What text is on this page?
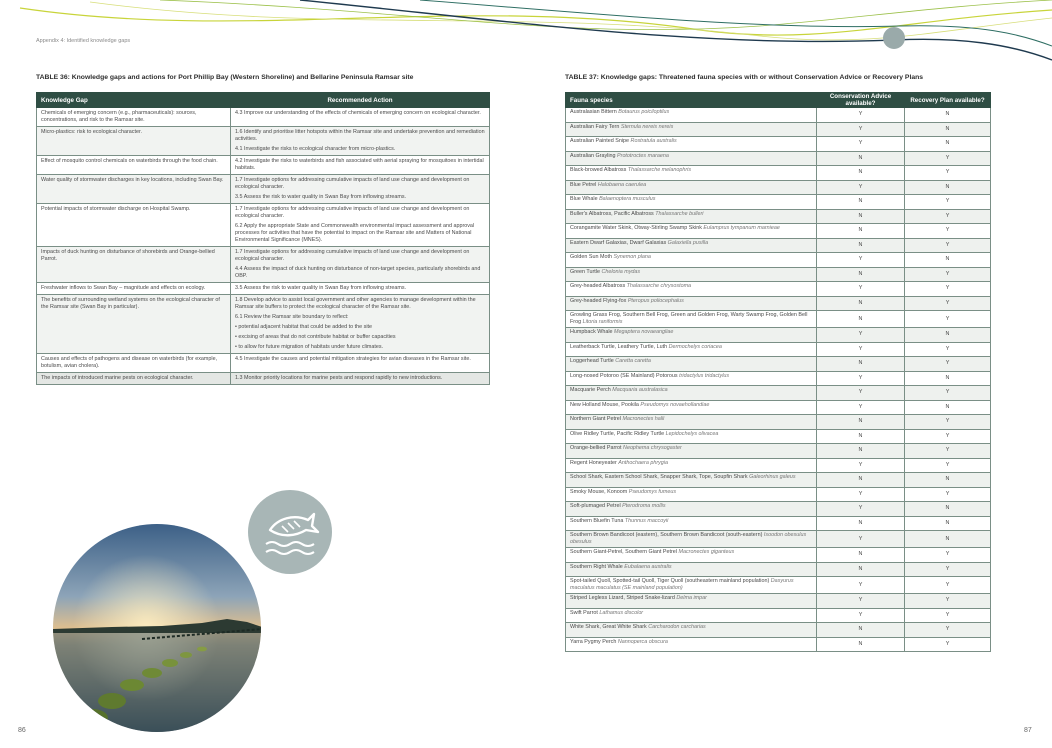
Appendix 4: Identified knowledge gaps
TABLE 36: Knowledge gaps and actions for Port Phillip Bay (Western Shoreline) and Bellarine Peninsula Ramsar site
Knowledge Gap	Recommended Action
Chemicals of emerging concern (e.g., pharmaceuticals): sources, concentrations, and risk to the Ramsar site.	4.3 Improve our understanding of the effects of chemicals of emerging concern on ecological character.

Micro-plastics: risk to ecological character.	1.6 Identify and prioritise litter hotspots within the Ramsar site and undertake prevention and remediation activities.

4.1 Investigate the risks to ecological character from micro-plastics.

Effect of mosquito control chemicals on waterbirds through the food chain.	4.2 Investigate the risks to waterbirds and fish associated with aerial spraying for mosquitoes in intertidal habitats.

Water quality of stormwater discharges in key locations, including Swan Bay.	1.7 Investigate options for addressing cumulative impacts of land use change and development on ecological character.

3.5 Assess the risk to water quality in Swan Bay from inflowing streams.

Potential impacts of stormwater discharge on Hospital Swamp.	1.7 Investigate options for addressing cumulative impacts of land use change and development on ecological character.

6.2 Apply the appropriate State and Commonwealth environmental impact assessment and approval processes for activities that have the potential to impact on the Ramsar site and Matters of National Environmental Significance (MNES).

Impacts of duck hunting on disturbance of shorebirds and Orange-bellied Parrot.	1.7 Investigate options for addressing cumulative impacts of land use change and development on ecological character.

4.4 Assess the impact of duck hunting on disturbance of non-target species, particularly shorebirds and OBP.

Freshwater inflows to Swan Bay – magnitude and effects on ecology.	3.5 Assess the risk to water quality in Swan Bay from inflowing streams.

The benefits of surrounding wetland systems on the ecological character of the Ramsar site (Swan Bay in particular).	1.8 Develop advice to assist local government and other agencies to manage development within the Ramsar site buffers to protect the ecological character of the Ramsar site.

6.1 Review the Ramsar site boundary to reflect:

• potential adjacent habitat that could be added to the site

• excising of areas that do not contribute habitat or buffer capacities

• to allow for future migration of habitats under future climates.

Causes and effects of pathogens and disease on waterbirds (for example, botulism, avian cholera).	4.5 Investigate the causes and potential mitigation strategies for avian diseases in the Ramsar site.

The impacts of introduced marine pests on ecological character.	1.3 Monitor priority locations for marine pests and respond rapidly to new introductions.

TABLE 37: Knowledge gaps: Threatened fauna species with or without Conservation Advice or Recovery Plans
Fauna species	Conservation Advice available?	Recovery Plan available?
Australasian Bittern Botaurus poiciloptilus	Y	N
Australian Fairy Tern Sternula nereis nereis	Y	N
Australian Painted Snipe Rostratula australis	Y	N
Australian Grayling Prototroctes maraena	N	Y
Black-browed Albatross Thalassarche melanophris	N	Y
Blue Petrel Halobaena caerulea	Y	N
Blue Whale Balaenoptera musculus	N	Y
Buller's Albatross, Pacific Albatross Thalassarche bulleri	N	Y
Corangamite Water Skink, Otway-Stirling Swamp Skink Eulamprus tympanum marnieae	N	Y
Eastern Dwarf Galaxias, Dwarf Galaxias Galaxiella pusilla	N	Y
Golden Sun Moth Synemon plana	Y	N
Green Turtle Chelonia mydas	N	Y
Grey-headed Albatross Thalassarche chrysostoma	Y	Y
Grey-headed Flying-fox Pteropus poliocephalus	N	Y
Growling Grass Frog, Southern Bell Frog, Green and Golden Frog, Warty Swamp Frog, Golden Bell Frog Litoria raniformis	N	Y
Humpback Whale Megaptera novaeangliae	Y	N
Leatherback Turtle, Leathery Turtle, Luth Dermochelys coriacea	Y	Y
Loggerhead Turtle Caretta caretta	N	Y
Long-nosed Potoroo (SE Mainland) Potorous tridactylus tridactylus	Y	N
Macquarie Perch Macquaria australasica	Y	Y
New Holland Mouse, Pookila Pseudomys novaehollandiae	Y	N
Northern Giant Petrel Macronectes halli	N	Y
Olive Ridley Turtle, Pacific Ridley Turtle Lepidochelys olivacea	N	Y
Orange-bellied Parrot Neophema chrysogaster	N	Y
Regent Honeyeater Anthochaera phrygia	Y	Y
School Shark, Eastern School Shark, Snapper Shark, Tope, Soupfin Shark Galeorhinus galeus	N	N
Smoky Mouse, Konoom Pseudomys fumeus	Y	Y
Soft-plumaged Petrel Pterodroma mollis	Y	N
Southern Bluefin Tuna Thunnus maccoyii	N	N
Southern Brown Bandicoot (eastern), Southern Brown Bandicoot (south-eastern) Isoodon obesulus obesulus	Y	N
Southern Giant-Petrel, Southern Giant Petrel Macronectes giganteus	N	Y
Southern Right Whale Eubalaena australis	N	Y
Spot-tailed Quoll, Spotted-tail Quoll, Tiger Quoll (southeastern mainland population) Dasyurus maculatus maculatus (SE mainland population)	Y	Y
Striped Legless Lizard, Striped Snake-lizard Delma impar	Y	Y
Swift Parrot Lathamus discolor	Y	Y
White Shark, Great White Shark Carcharodon carcharias	N	Y
Yarra Pygmy Perch Nannoperca obscura	N	Y
86	87
